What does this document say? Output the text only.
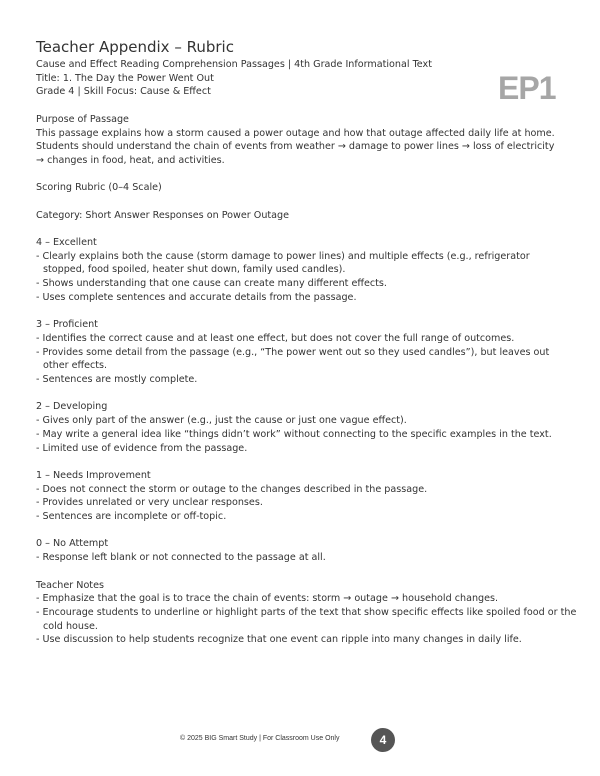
EP1
Teacher Appendix – Rubric
Cause and Effect Reading Comprehension Passages | 4th Grade Informational Text
Title: 1. The Day the Power Went Out
Grade 4 | Skill Focus: Cause & Effect
Purpose of Passage
This passage explains how a storm caused a power outage and how that outage affected daily life at home.
Students should understand the chain of events from weather → damage to power lines → loss of electricity
→ changes in food, heat, and activities.
Scoring Rubric (0–4 Scale)
Category: Short Answer Responses on Power Outage
4 – Excellent
- Clearly explains both the cause (storm damage to power lines) and multiple effects (e.g., refrigerator
stopped, food spoiled, heater shut down, family used candles).
- Shows understanding that one cause can create many different effects.
- Uses complete sentences and accurate details from the passage.
3 – Proficient
- Identifies the correct cause and at least one effect, but does not cover the full range of outcomes.
- Provides some detail from the passage (e.g., “The power went out so they used candles”), but leaves out
other effects.
- Sentences are mostly complete.
2 – Developing
- Gives only part of the answer (e.g., just the cause or just one vague effect).
- May write a general idea like “things didn’t work” without connecting to the specific examples in the text.
- Limited use of evidence from the passage.
1 – Needs Improvement
- Does not connect the storm or outage to the changes described in the passage.
- Provides unrelated or very unclear responses.
- Sentences are incomplete or off-topic.
0 – No Attempt
- Response left blank or not connected to the passage at all.
Teacher Notes
- Emphasize that the goal is to trace the chain of events: storm → outage → household changes.
- Encourage students to underline or highlight parts of the text that show specific effects like spoiled food or the
cold house.
- Use discussion to help students recognize that one event can ripple into many changes in daily life.
© 2025 BIG Smart Study | For Classroom Use Only	4
